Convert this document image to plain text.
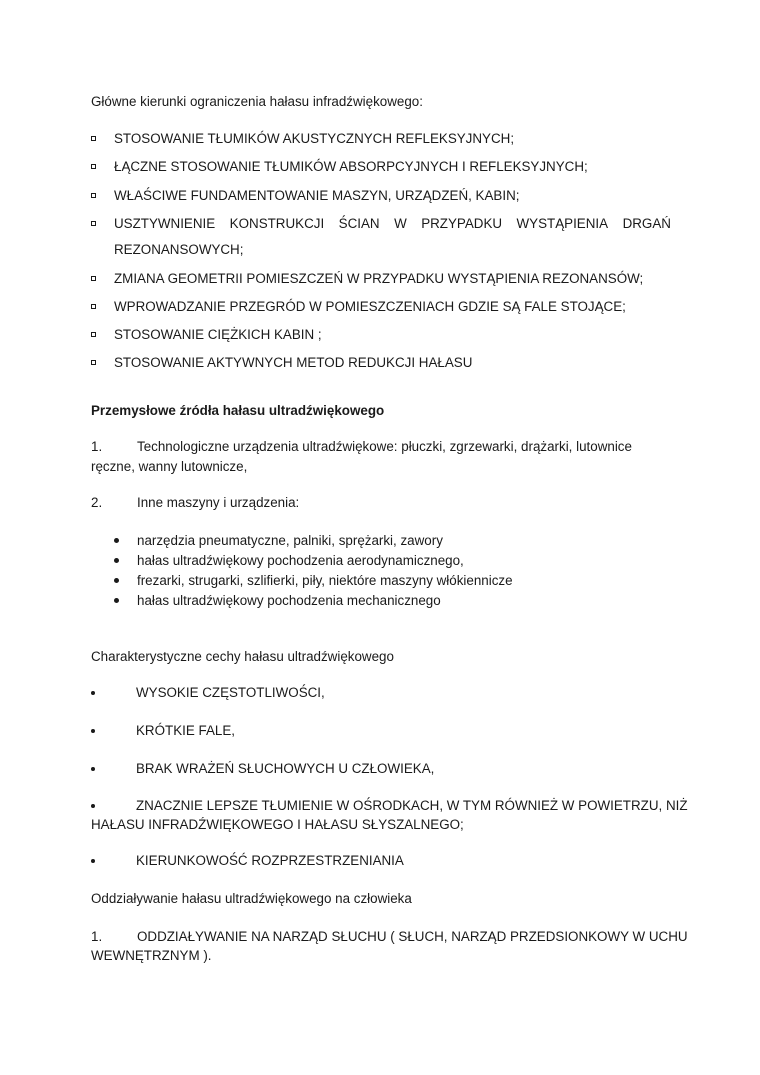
Główne kierunki ograniczenia hałasu infradźwiękowego:
STOSOWANIE TŁUMIKÓW AKUSTYCZNYCH REFLEKSYJNYCH;
ŁĄCZNE STOSOWANIE TŁUMIKÓW ABSORPCYJNYCH I REFLEKSYJNYCH;
WŁAŚCIWE FUNDAMENTOWANIE MASZYN, URZĄDZEŃ, KABIN;
USZTYWNIENIE KONSTRUKCJI ŚCIAN W PRZYPADKU WYSTĄPIENIA DRGAŃ
REZONANSOWYCH;
ZMIANA GEOMETRII POMIESZCZEŃ W PRZYPADKU WYSTĄPIENIA REZONANSÓW;
WPROWADZANIE PRZEGRÓD W POMIESZCZENIACH GDZIE SĄ FALE STOJĄCE;
STOSOWANIE CIĘŻKICH KABIN ;
STOSOWANIE AKTYWNYCH METOD REDUKCJI HAŁASU
Przemysłowe źródła hałasu ultradźwiękowego
1.	Technologiczne urządzenia ultradźwiękowe: płuczki, zgrzewarki, drążarki, lutownice
ręczne, wanny lutownicze,
2.	Inne maszyny i urządzenia:
narzędzia pneumatyczne, palniki, sprężarki, zawory
hałas ultradźwiękowy pochodzenia aerodynamicznego,
frezarki, strugarki, szlifierki, piły, niektóre maszyny włókiennicze
hałas ultradźwiękowy pochodzenia mechanicznego
Charakterystyczne cechy hałasu ultradźwiękowego
WYSOKIE CZĘSTOTLIWOŚCI,
KRÓTKIE FALE,
BRAK WRAŻEŃ SŁUCHOWYCH U CZŁOWIEKA,
ZNACZNIE LEPSZE TŁUMIENIE W OŚRODKACH, W TYM RÓWNIEŻ W POWIETRZU, NIŻ
HAŁASU INFRADŹWIĘKOWEGO I HAŁASU SŁYSZALNEGO;
KIERUNKOWOŚĆ ROZPRZESTRZENIANIA
Oddziaływanie hałasu ultradźwiękowego na człowieka
1.	ODDZIAŁYWANIE NA NARZĄD SŁUCHU ( SŁUCH, NARZĄD PRZEDSIONKOWY W UCHU
WEWNĘTRZNYM ).
